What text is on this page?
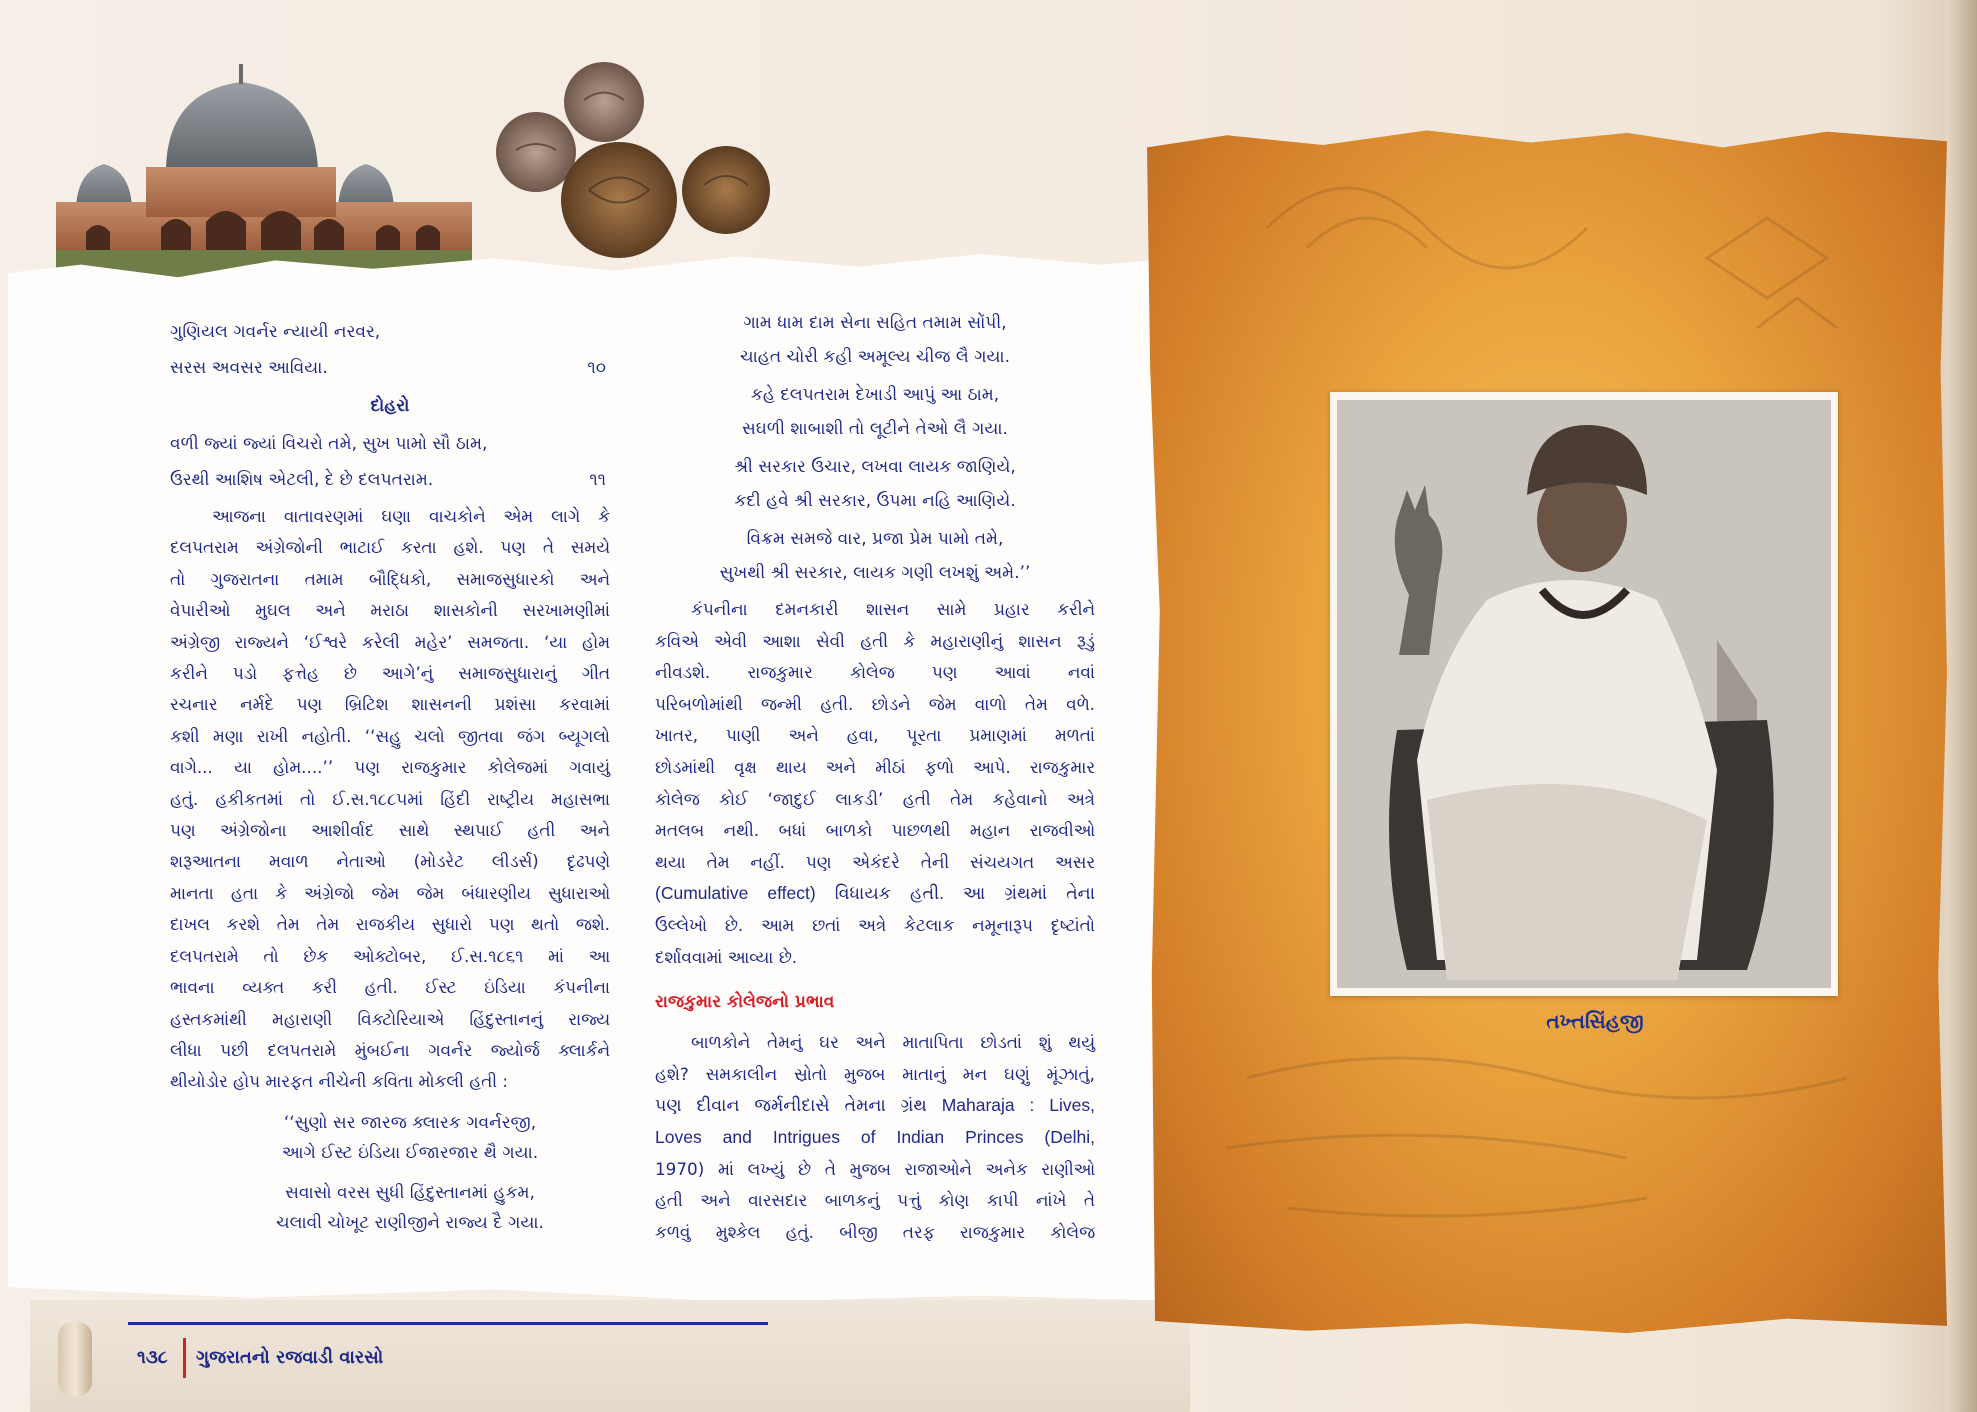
તખ્તસિંહજી
ગુણિયલ ગવર્નર ન્યાયી નરવર,
સરસ અવસર આવિયા.	૧૦
દોહરો
વળી જ્યાં જ્યાં વિચરો તમે, સુખ પામો સૌ ઠામ,
ઉરથી આશિષ એટલી, દે છે દલપતરામ.	૧૧

આજના વાતાવરણમાં ઘણા વાચકોને એમ લાગે કે

દલપતરામ અંગ્રેજોની ભાટાઈ કરતા હશે. પણ તે સમયે

તો ગુજરાતના તમામ બૌદ્ધિકો, સમાજસુધારકો અને

વેપારીઓ મુઘલ અને મરાઠા શાસકોની સરખામણીમાં

અંગ્રેજી રાજ્યને ‘ઈશ્વરે કરેલી મહેર’ સમજતા. ‘યા હોમ

કરીને પડો ફત્તેહ છે આગે’નું સમાજસુધારાનું ગીત

રચનાર નર્મદે પણ બ્રિટિશ શાસનની પ્રશંસા કરવામાં

કશી મણા રાખી નહોતી. ‘‘સહુ ચલો જીતવા જંગ બ્યૂગલો

વાગે... યા હોમ....’’ પણ રાજકુમાર કોલેજમાં ગવાયું

હતું. હકીકતમાં તો ઈ.સ.૧૮૮૫માં હિંદી રાષ્ટ્રીય મહાસભા

પણ અંગ્રેજોના આશીર્વાદ સાથે સ્થપાઈ હતી અને

શરૂઆતના મવાળ નેતાઓ (મોડરેટ લીડર્સ) દૃઢપણે

માનતા હતા કે અંગ્રેજો જેમ જેમ બંધારણીય સુધારાઓ

દાખલ કરશે તેમ તેમ રાજકીય સુધારો પણ થતો જશે.

દલપતરામે તો છેક ઓક્ટોબર, ઈ.સ.૧૮૬૧ માં આ

ભાવના વ્યક્ત કરી હતી. ઈસ્ટ ઇંડિયા કંપનીના

હસ્તકમાંથી મહારાણી વિક્ટોરિયાએ હિંદુસ્તાનનું રાજ્ય

લીધા પછી દલપતરામે મુંબઈના ગવર્નર જ્યોર્જ ક્લાર્કને

થીયોડોર હોપ મારફત નીચેની કવિતા મોકલી હતી :

‘‘સુણો સર જારજ ક્લારક ગવર્નરજી,
આગે ઈસ્ટ ઇંડિયા ઈજારજાર થૈ ગયા.
સવાસો વરસ સુધી હિંદુસ્તાનમાં હુકમ,
ચલાવી ચોખૂટ રાણીજીને રાજ્ય દૈ ગયા.
ગામ ધામ દામ સેના સહિત તમામ સોંપી,
ચાહત ચોરી કહી અમૂલ્ય ચીજ લૈ ગયા.
કહે દલપતરામ દેખાડી આપું આ ઠામ,
સઘળી શાબાશી તો લૂટીને તેઓ લૈ ગયા.
શ્રી સરકાર ઉચાર, લખવા લાયક જાણિયે,
કદી હવે શ્રી સરકાર, ઉપમા નહિ આણિયે.
વિક્રમ સમજે વાર, પ્રજા પ્રેમ પામો તમે,
સુખથી શ્રી સરકાર, લાયક ગણી લખશું અમે.’’

કંપનીના દમનકારી શાસન સામે પ્રહાર કરીને

કવિએ એવી આશા સેવી હતી કે મહારાણીનું શાસન રૂડું

નીવડશે. રાજકુમાર કોલેજ પણ આવાં નવાં

પરિબળોમાંથી જન્મી હતી. છોડને જેમ વાળો તેમ વળે.

ખાતર, પાણી અને હવા, પૂરતા પ્રમાણમાં મળતાં

છોડમાંથી વૃક્ષ થાય અને મીઠાં ફળો આપે. રાજકુમાર

કોલેજ કોઈ ‘જાદુઈ લાકડી’ હતી તેમ કહેવાનો અત્રે

મતલબ નથી. બધાં બાળકો પાછળથી મહાન રાજવીઓ

થયા તેમ નહીં. પણ એકંદરે તેની સંચયગત અસર

(Cumulative effect) વિધાયક હતી. આ ગ્રંથમાં તેના

ઉલ્લેખો છે. આમ છતાં અત્રે કેટલાક નમૂનારૂપ દૃષ્ટાંતો

દર્શાવવામાં આવ્યા છે.

રાજકુમાર કોલેજનો પ્રભાવ

બાળકોને તેમનું ઘર અને માતાપિતા છોડતાં શું થયું

હશે? સમકાલીન સ્રોતો મુજબ માતાનું મન ઘણું મૂંઝાતું,

પણ દીવાન જર્મનીદાસે તેમના ગ્રંથ Maharaja : Lives,

Loves and Intrigues of Indian Princes (Delhi,

1970) માં લખ્યું છે તે મુજબ રાજાઓને અનેક રાણીઓ

હતી અને વારસદાર બાળકનું પત્તું કોણ કાપી નાંખે તે

કળવું મુશ્કેલ હતું. બીજી તરફ રાજકુમાર કોલેજ

૧૩૮ ગુજરાતનો રજવાડી વારસો
